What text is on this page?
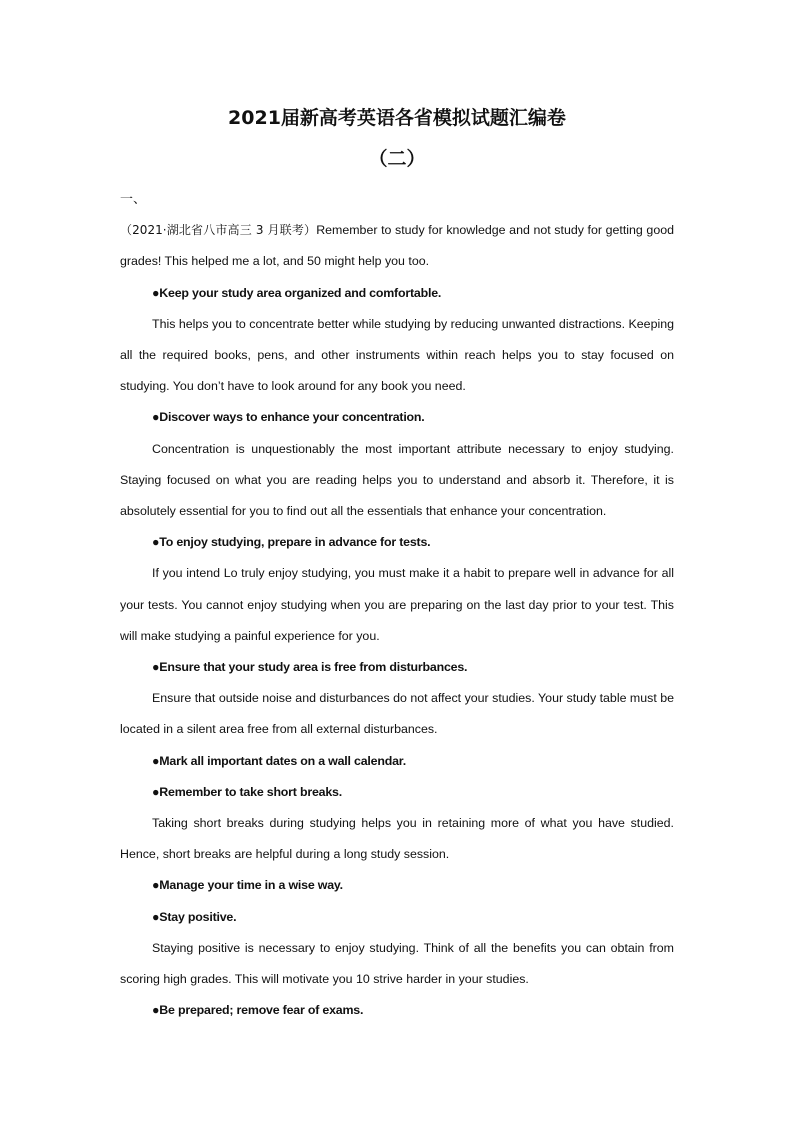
2021届新高考英语各省模拟试题汇编卷
（二）

一、

（2021·湖北省八市高三 3 月联考）Remember to study for knowledge and not study for getting good grades! This helped me a lot, and 50 might help you too.

●Keep your study area organized and comfortable.

This helps you to concentrate better while studying by reducing unwanted distractions. Keeping all the required books, pens, and other instruments within reach helps you to stay focused on studying. You don’t have to look around for any book you need.

●Discover ways to enhance your concentration.

Concentration is unquestionably the most important attribute necessary to enjoy studying. Staying focused on what you are reading helps you to understand and absorb it. Therefore, it is absolutely essential for you to find out all the essentials that enhance your concentration.

●To enjoy studying, prepare in advance for tests.

If you intend Lo truly enjoy studying, you must make it a habit to prepare well in advance for all your tests. You cannot enjoy studying when you are preparing on the last day prior to your test. This will make studying a painful experience for you.

●Ensure that your study area is free from disturbances.

Ensure that outside noise and disturbances do not affect your studies. Your study table must be located in a silent area free from all external disturbances.

●Mark all important dates on a wall calendar.

●Remember to take short breaks.

Taking short breaks during studying helps you in retaining more of what you have studied. Hence, short breaks are helpful during a long study session.

●Manage your time in a wise way.

●Stay positive.

Staying positive is necessary to enjoy studying. Think of all the benefits you can obtain from scoring high grades. This will motivate you 10 strive harder in your studies.

●Be prepared; remove fear of exams.
